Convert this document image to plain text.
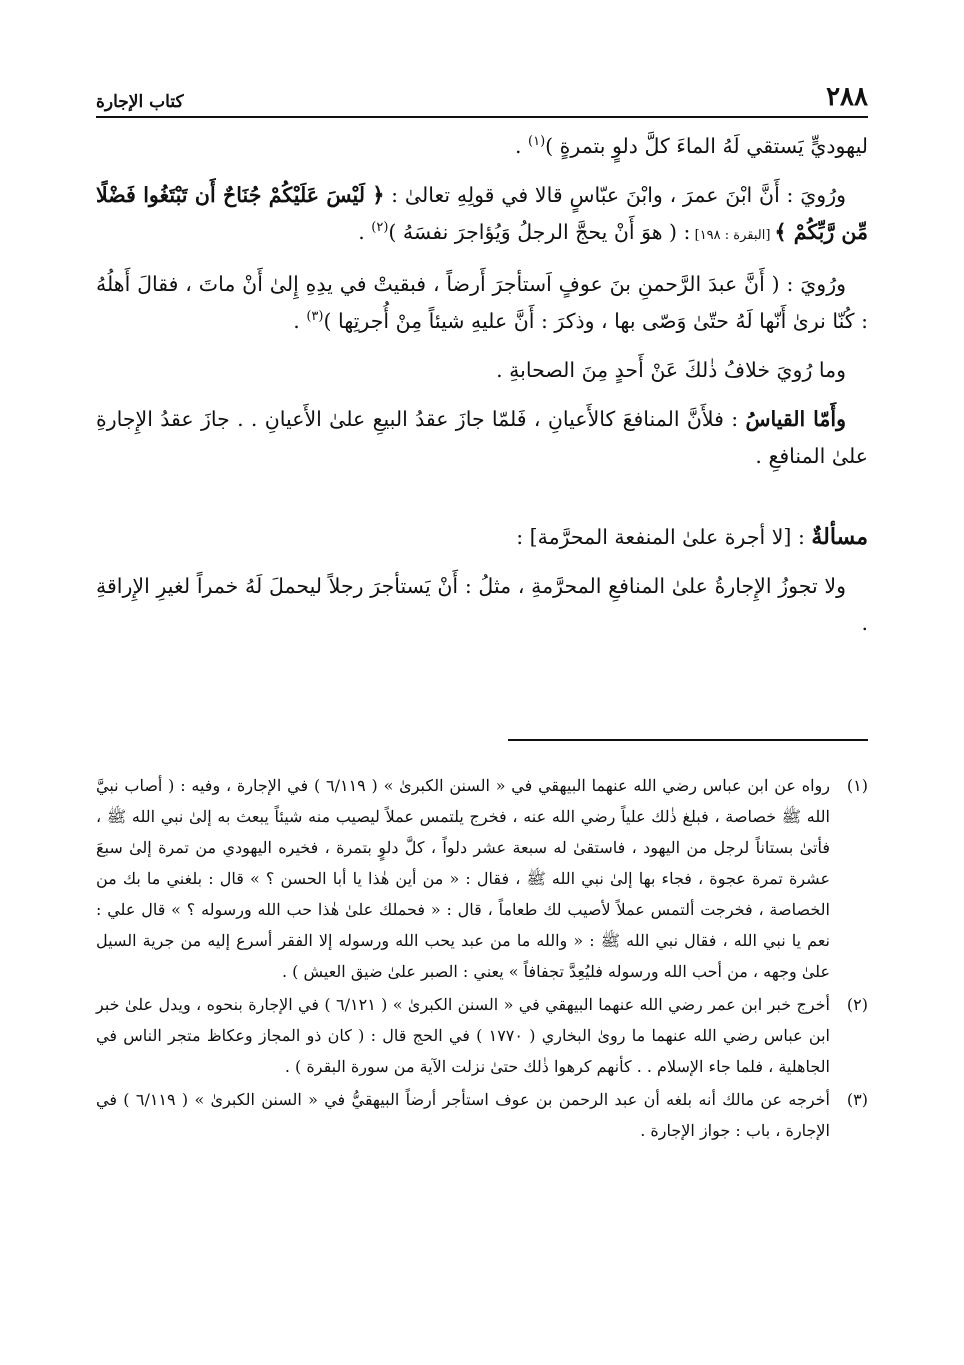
٢٨٨
كتاب الإجارة

ليهوديٍّ يَستقي لَهُ الماءَ كلَّ دلوٍ بتمرةٍ )$^{(١)}$ .

ورُويَ : أَنَّ ابْنَ عمرَ ، وابْنَ عبّاسٍ قالا في قولِهِ تعالىٰ : ﴿ لَيْسَ عَلَيْكُمْ جُنَاحٌ أَن تَبْتَغُوا فَضْلًا مِّن رَّبِّكُمْ ﴾ [البقرة : ١٩٨] : ( هوَ أَنْ يحجَّ الرجلُ وَيُؤاجرَ نفسَهُ )$^{(٢)}$ .

ورُويَ : ( أَنَّ عبدَ الرَّحمنِ بنَ عوفٍ اَستأجرَ أَرضاً ، فبقيتْ في يدِهِ إِلىٰ أَنْ ماتَ ، فقالَ أَهلُهُ : كُنّا نرىٰ أَنّها لَهُ حتّىٰ وَصّى بها ، وذكرَ : أَنَّ عليهِ شيئاً مِنْ أُجرتِها )$^{(٣)}$ .

وما رُويَ خلافُ ذٰلكَ عَنْ أَحدٍ مِنَ الصحابةِ .

وأَمّا القياسُ : فلأَنَّ المنافعَ كالأَعيانِ ، فَلمّا جازَ عقدُ البيعِ علىٰ الأَعيانِ . . جازَ عقدُ الإِجارةِ علىٰ المنافعِ .

مسألةٌ : [لا أجرة علىٰ المنفعة المحرَّمة] :

ولا تجوزُ الإِجارةُ علىٰ المنافعِ المحرَّمةِ ، مثلُ : أَنْ يَستأجرَ رجلاً ليحملَ لَهُ خمراً لغيرِ الإِراقةِ .

(١)
رواه عن ابن عباس رضي الله عنهما البيهقي في « السنن الكبرىٰ » ( ٦/١١٩ ) في الإجارة ، وفيه : ( أصاب نبيَّ الله ﷺ خصاصة ، فبلغ ذٰلك علياً رضي الله عنه ، فخرج يلتمس عملاً ليصيب منه شيئاً يبعث به إلىٰ نبي الله ﷺ ، فأتىٰ بستاناً لرجل من اليهود ، فاستقىٰ له سبعة عشر دلواً ، كلَّ دلوٍ بتمرة ، فخيره اليهودي من تمرة إلىٰ سبعَ عشرة تمرة عجوة ، فجاء بها إلىٰ نبي الله ﷺ ، فقال : « من أين هٰذا يا أبا الحسن ؟ » قال : بلغني ما بك من الخصاصة ، فخرجت ألتمس عملاً لأصيب لك طعاماً ، قال : « فحملك علىٰ هٰذا حب الله ورسوله ؟ » قال علي : نعم يا نبي الله ، فقال نبي الله ﷺ : « والله ما من عبد يحب الله ورسوله إلا الفقر أسرع إليه من جرية السيل علىٰ وجهه ، من أحب الله ورسوله فليُعِدَّ تجفافاً » يعني : الصبر علىٰ ضيق العيش ) .
(٢)
أخرج خبر ابن عمر رضي الله عنهما البيهقي في « السنن الكبرىٰ » ( ٦/١٢١ ) في الإجارة بنحوه ، ويدل علىٰ خبر ابن عباس رضي الله عنهما ما روىٰ البخاري ( ١٧٧٠ ) في الحج قال : ( كان ذو المجاز وعكاظ متجر الناس في الجاهلية ، فلما جاء الإسلام . . كأنهم كرهوا ذٰلك حتىٰ نزلت الآية من سورة البقرة ) .
(٣)
أخرجه عن مالك أنه بلغه أن عبد الرحمن بن عوف استأجر أرضاً البيهقيُّ في « السنن الكبرىٰ » ( ٦/١١٩ ) في الإجارة ، باب : جواز الإجارة .
